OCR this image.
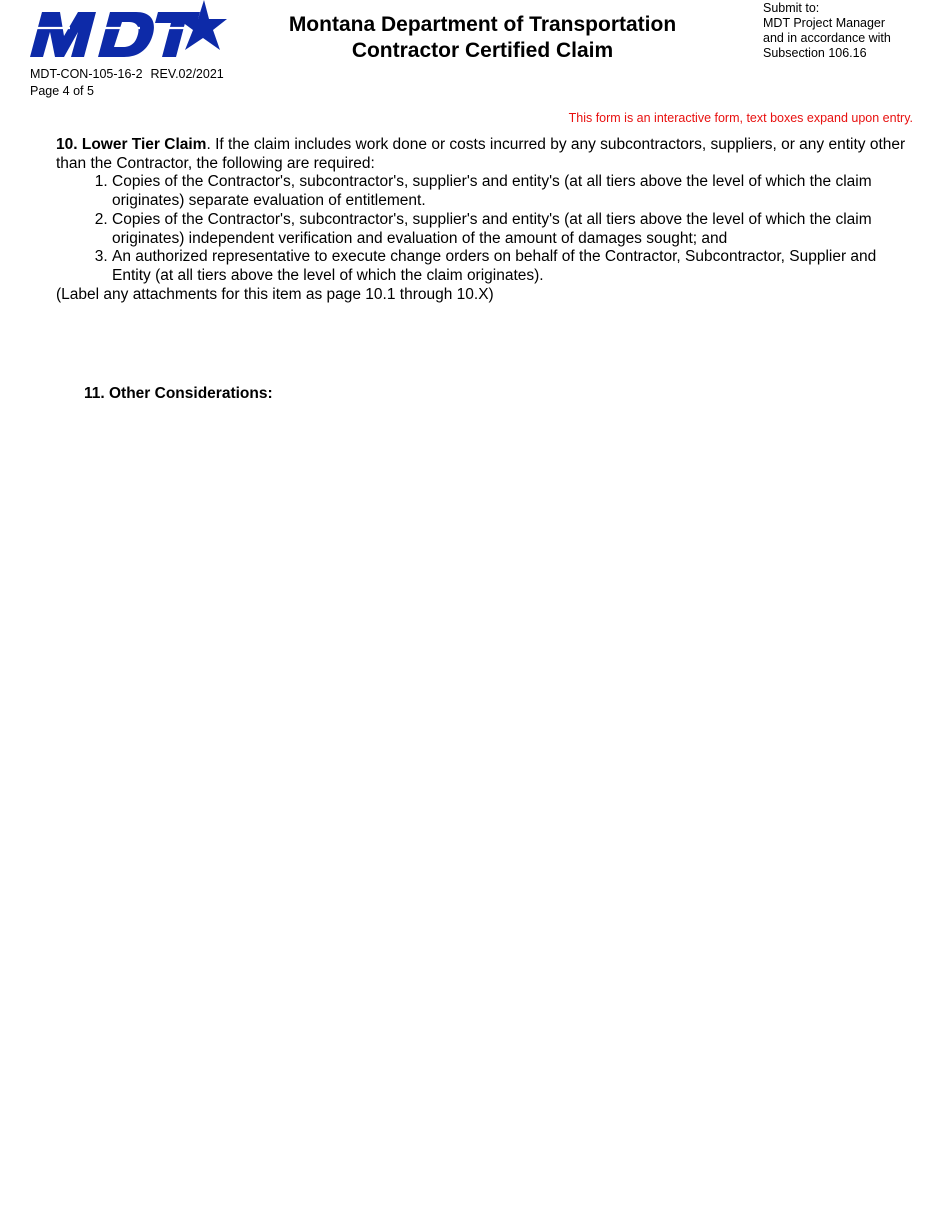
MDT-CON-105-16-2 REV.02/2021
Page 4 of 5
Montana Department of Transportation
Contractor Certified Claim
Submit to:
MDT Project Manager
and in accordance with
Subsection 106.16
This form is an interactive form, text boxes expand upon entry.

10. Lower Tier Claim. If the claim includes work done or costs incurred by any subcontractors, suppliers, or any entity other than the Contractor, the following are required:

1. Copies of the Contractor's, subcontractor's, supplier's and entity's (at all tiers above the level of which the claim originates) separate evaluation of entitlement.
2. Copies of the Contractor's, subcontractor's, supplier's and entity's (at all tiers above the level of which the claim originates) independent verification and evaluation of the amount of damages sought; and
3. An authorized representative to execute change orders on behalf of the Contractor, Subcontractor, Supplier and Entity (at all tiers above the level of which the claim originates).

(Label any attachments for this item as page 10.1 through 10.X)

11. Other Considerations:
